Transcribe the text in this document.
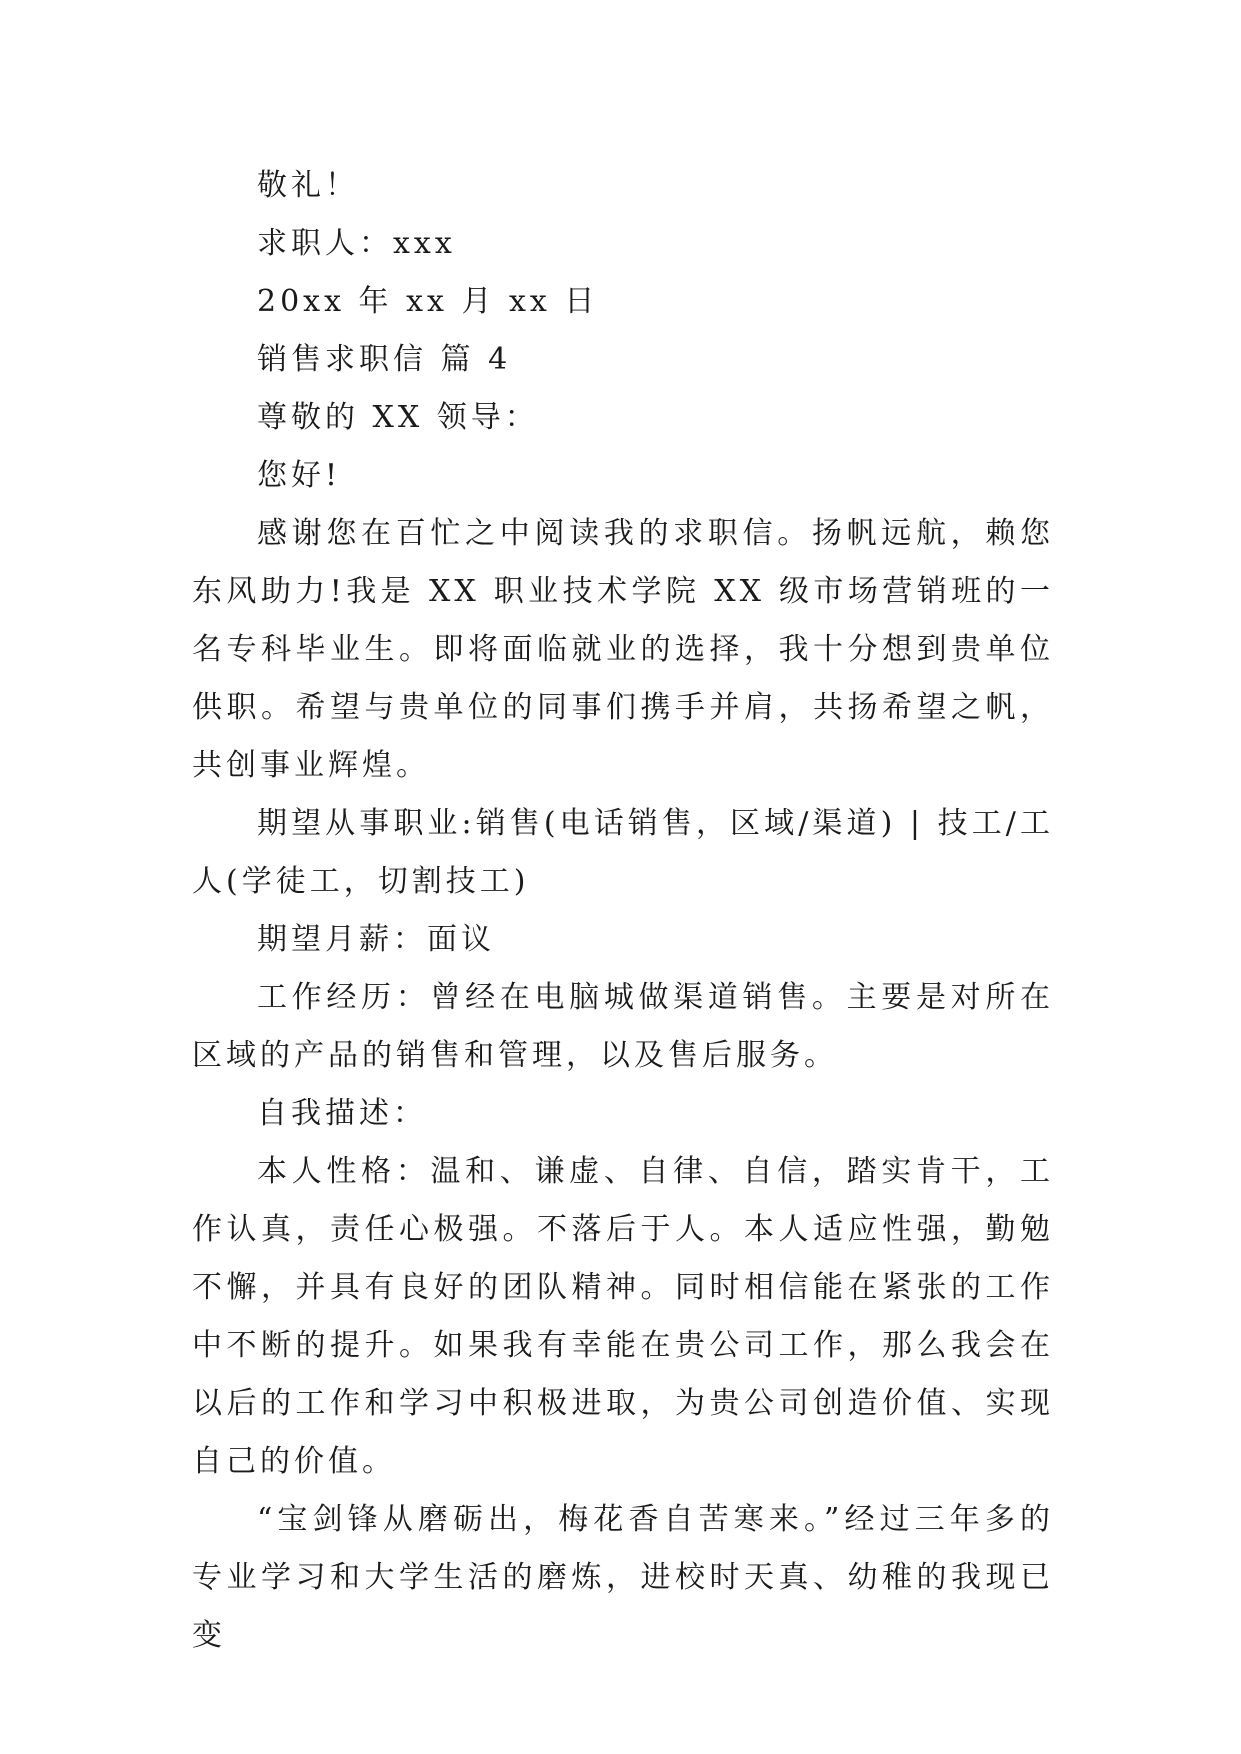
敬礼！

求职人：xxx

20xx 年 xx 月 xx 日

销售求职信 篇 4

尊敬的 XX 领导：

您好!

感谢您在百忙之中阅读我的求职信。扬帆远航，赖您东风助力!我是 XX 职业技术学院 XX 级市场营销班的一名专科毕业生。即将面临就业的选择，我十分想到贵单位供职。希望与贵单位的同事们携手并肩，共扬希望之帆，共创事业辉煌。

期望从事职业:销售(电话销售，区域/渠道) | 技工/工人(学徒工，切割技工)

期望月薪：面议

工作经历：曾经在电脑城做渠道销售。主要是对所在区域的产品的销售和管理，以及售后服务。

自我描述：

本人性格：温和、谦虚、自律、自信，踏实肯干，工作认真，责任心极强。不落后于人。本人适应性强，勤勉不懈，并具有良好的团队精神。同时相信能在紧张的工作中不断的提升。如果我有幸能在贵公司工作，那么我会在以后的工作和学习中积极进取，为贵公司创造价值、实现自己的价值。

“宝剑锋从磨砺出，梅花香自苦寒来。”经过三年多的专业学习和大学生活的磨炼，进校时天真、幼稚的我现已变
